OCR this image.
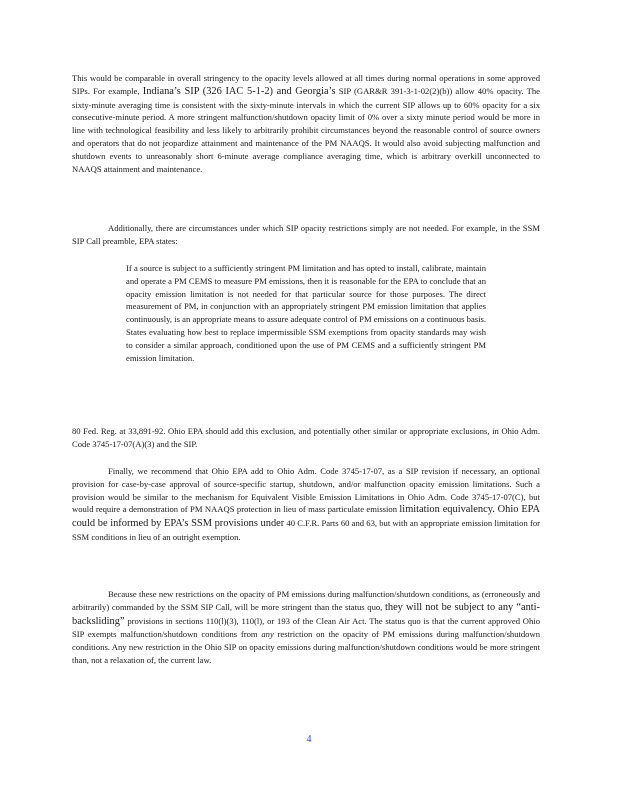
This would be comparable in overall stringency to the opacity levels allowed at all times during normal operations in some approved SIPs. For example, Indiana’s SIP (326 IAC 5-1-2) and Georgia’s SIP (GAR&R 391-3-1-02(2)(b)) allow 40% opacity. The sixty-minute averaging time is consistent with the sixty-minute intervals in which the current SIP allows up to 60% opacity for a six consecutive-minute period. A more stringent malfunction/shutdown opacity limit of 0% over a sixty minute period would be more in line with technological feasibility and less likely to arbitrarily prohibit circumstances beyond the reasonable control of source owners and operators that do not jeopardize attainment and maintenance of the PM NAAQS. It would also avoid subjecting malfunction and shutdown events to unreasonably short 6-minute average compliance averaging time, which is arbitrary overkill unconnected to NAAQS attainment and maintenance.

Additionally, there are circumstances under which SIP opacity restrictions simply are not needed. For example, in the SSM SIP Call preamble, EPA states:

If a source is subject to a sufficiently stringent PM limitation and has opted to install, calibrate, maintain and operate a PM CEMS to measure PM emissions, then it is reasonable for the EPA to conclude that an opacity emission limitation is not needed for that particular source for those purposes. The direct measurement of PM, in conjunction with an appropriately stringent PM emission limitation that applies continuously, is an appropriate means to assure adequate control of PM emissions on a continuous basis. States evaluating how best to replace impermissible SSM exemptions from opacity standards may wish to consider a similar approach, conditioned upon the use of PM CEMS and a sufficiently stringent PM emission limitation.

80 Fed. Reg. at 33,891-92. Ohio EPA should add this exclusion, and potentially other similar or appropriate exclusions, in Ohio Adm. Code 3745-17-07(A)(3) and the SIP.

Finally, we recommend that Ohio EPA add to Ohio Adm. Code 3745-17-07, as a SIP revision if necessary, an optional provision for case-by-case approval of source-specific startup, shutdown, and/or malfunction opacity emission limitations. Such a provision would be similar to the mechanism for Equivalent Visible Emission Limitations in Ohio Adm. Code 3745-17-07(C), but would require a demonstration of PM NAAQS protection in lieu of mass particulate emission limitation equivalency. Ohio EPA could be informed by EPA’s SSM provisions under 40 C.F.R. Parts 60 and 63, but with an appropriate emission limitation for SSM conditions in lieu of an outright exemption.

Because these new restrictions on the opacity of PM emissions during malfunction/shutdown conditions, as (erroneously and arbitrarily) commanded by the SSM SIP Call, will be more stringent than the status quo, they will not be subject to any “anti-backsliding” provisions in sections 110(l)(3), 110(l), or 193 of the Clean Air Act. The status quo is that the current approved Ohio SIP exempts malfunction/shutdown conditions from any restriction on the opacity of PM emissions during malfunction/shutdown conditions. Any new restriction in the Ohio SIP on opacity emissions during malfunction/shutdown conditions would be more stringent than, not a relaxation of, the current law.

4
